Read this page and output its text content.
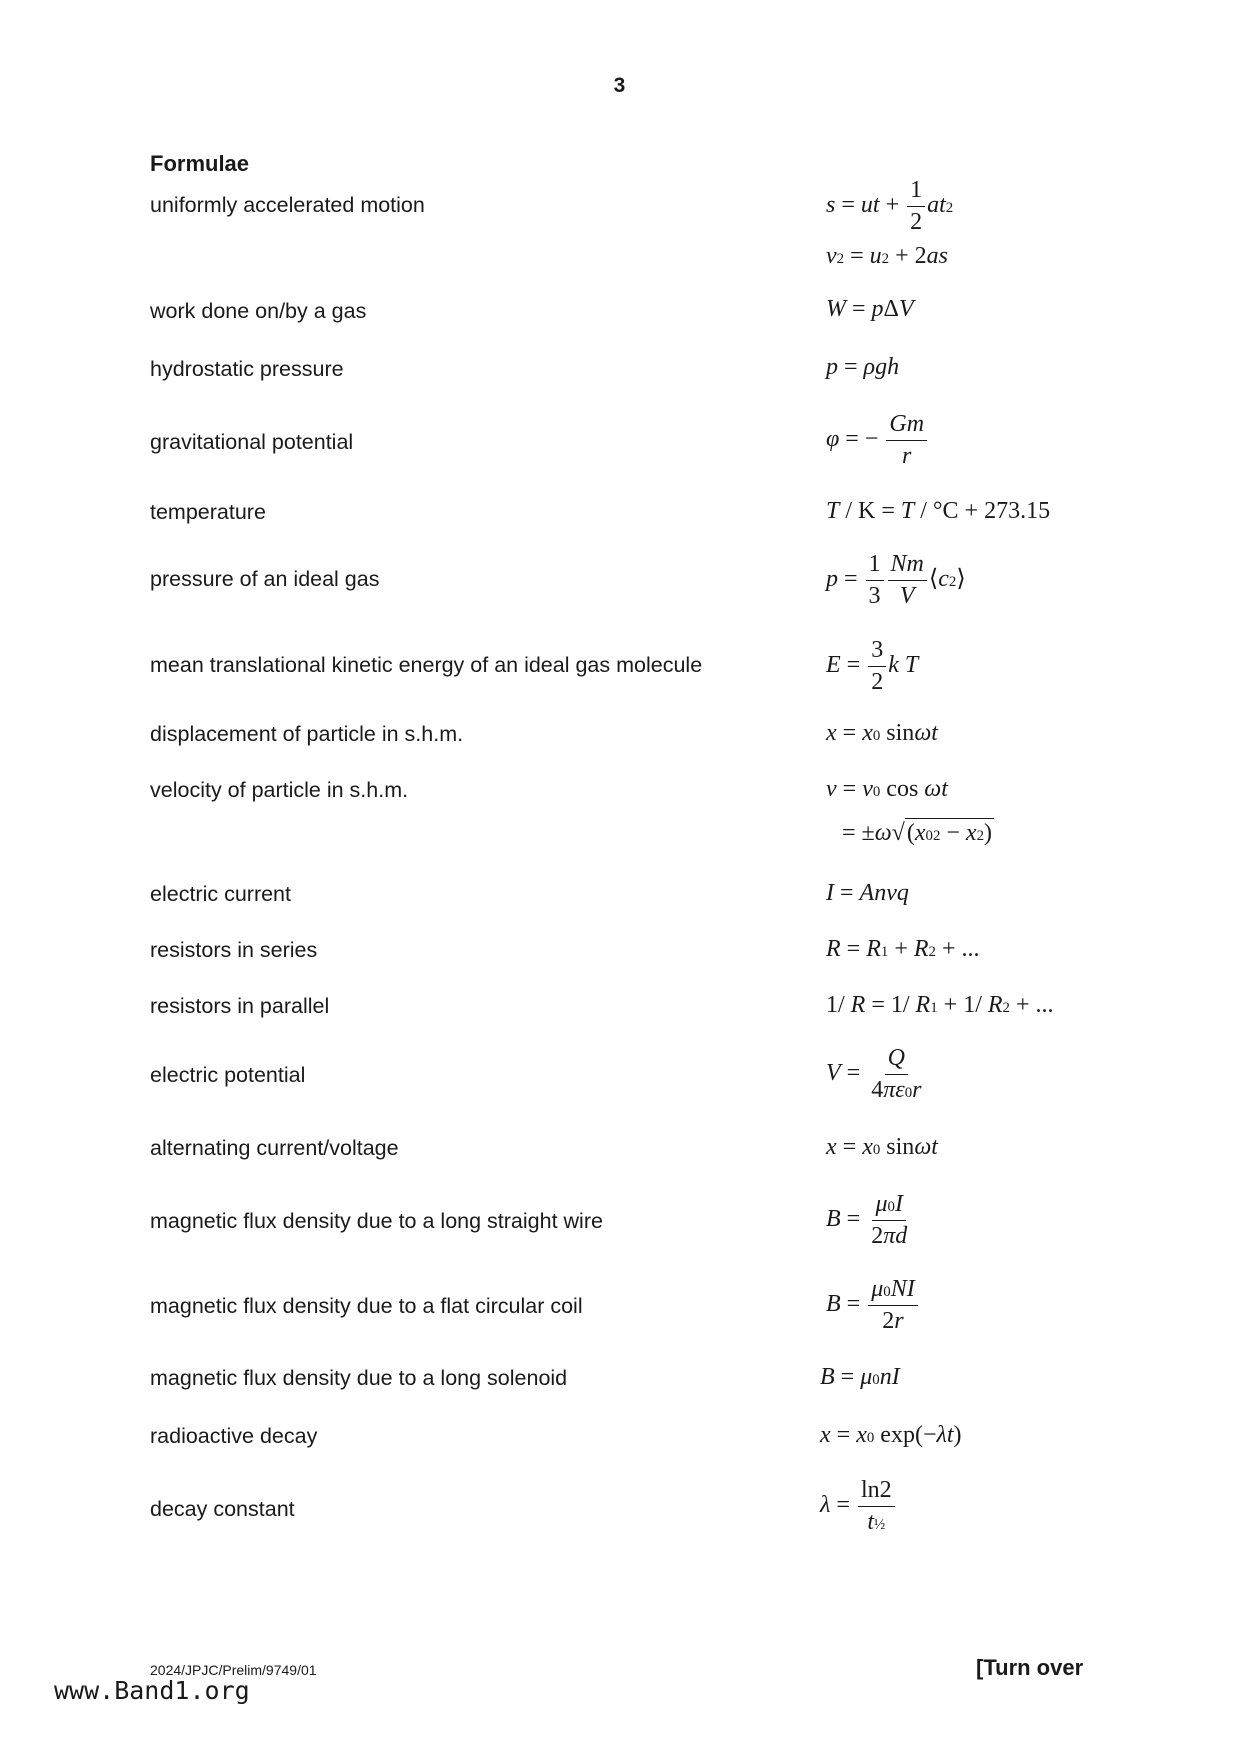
3
Formulae
uniformly accelerated motion	s = ut + $\frac{1}{2} at^2$
$v^2 = u^2 + 2as$
work done on/by a gas	W = pΔV
hydrostatic pressure	p = ρgh
gravitational potential	φ = − $\frac{Gm}{r}$
temperature	T / K = T / °C + 273.15
pressure of an ideal gas	$p = \frac{1}{3} \frac{Nm}{V}$ $⟨c^2⟩$
mean translational kinetic energy of an ideal gas molecule	$E = \frac{3}{2}$ k T
displacement of particle in s.h.m.	$x = x_0$ sinωt
velocity of particle in s.h.m.	$v = v_0$ cos ωt
= $\pm\omega√(x_0^2 - x^2)$
electric current	I = Anvq
resistors in series	$R = R_1 + R_2$ + ...
resistors in parallel	1/ R = 1/ $R_1 + 1/$ $R_2$ + ...
electric potential	$V = \frac{Q}{4\pi\varepsilon_0r}$
alternating current/voltage	$x = x_0$ sinωt
magnetic flux density due to a long straight wire	$B = \frac{\mu_0I}{2\pi d}$
magnetic flux density due to a flat circular coil	$B = \frac{\mu_0NI}{2r}$
magnetic flux density due to a long solenoid	$B = \mu_0nI$
radioactive decay	$x = x_0$ exp(−λt)
decay constant	$\lambda = \frac{\ln 2}{t_{\frac{1}{2}}}$
2024/JPJC/Prelim/9749/01	[Turn over
www.Band1.org
